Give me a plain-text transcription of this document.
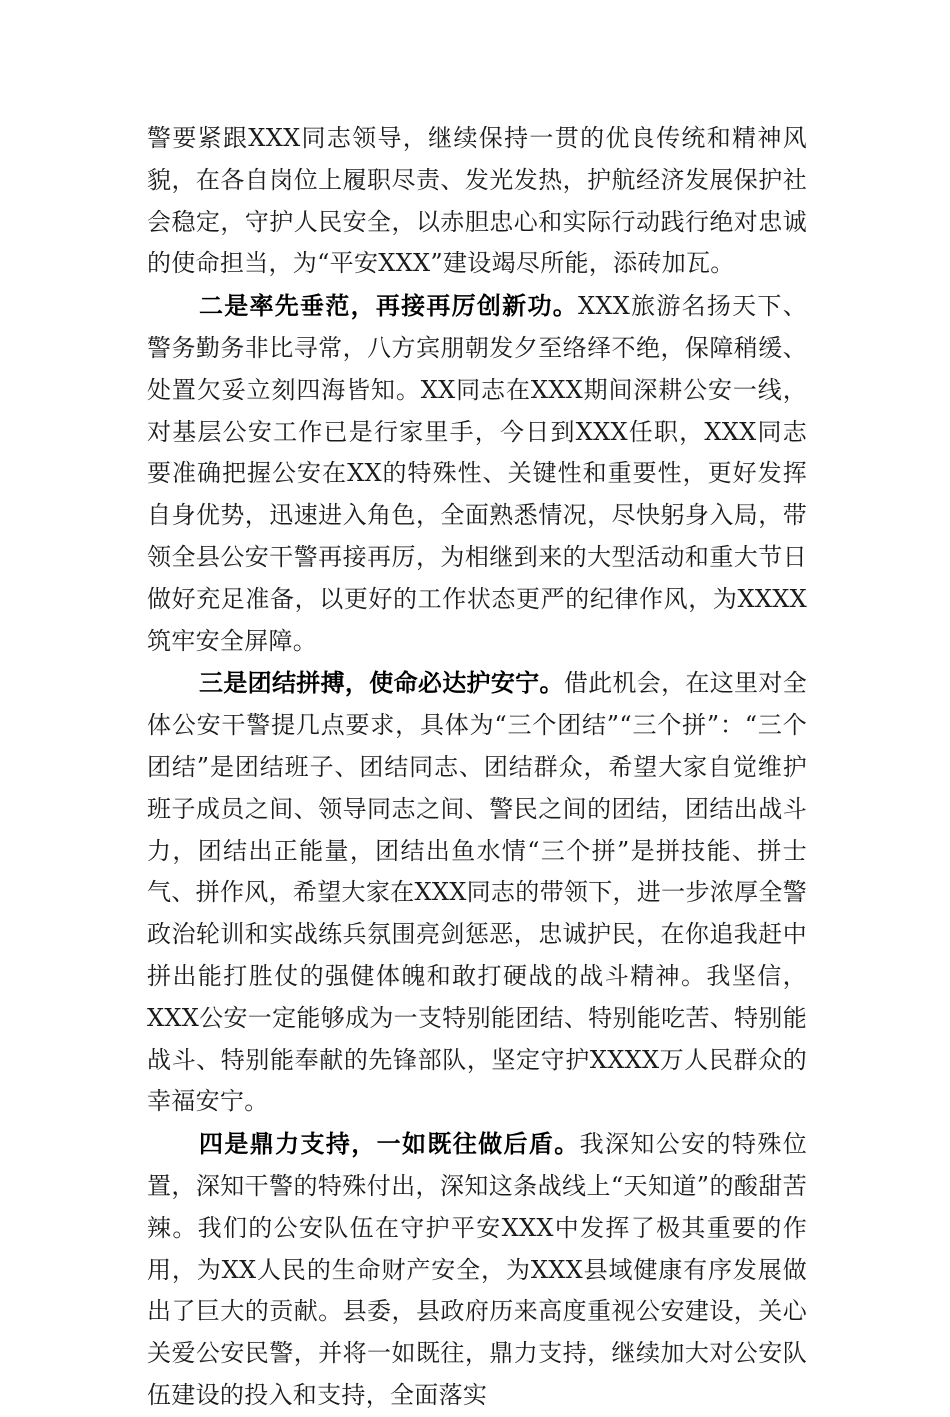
警要紧跟XXX同志领导，继续保持一贯的优良传统和精神风貌，在各自岗位上履职尽责、发光发热，护航经济发展保护社会稳定，守护人民安全，以赤胆忠心和实际行动践行绝对忠诚的使命担当，为“平安XXX”建设竭尽所能，添砖加瓦。

二是率先垂范，再接再厉创新功。XXX旅游名扬天下、警务勤务非比寻常，八方宾朋朝发夕至络绎不绝，保障稍缓、处置欠妥立刻四海皆知。XX同志在XXX期间深耕公安一线，对基层公安工作已是行家里手，今日到XXX任职，XXX同志要准确把握公安在XX的特殊性、关键性和重要性，更好发挥自身优势，迅速进入角色，全面熟悉情况，尽快躬身入局，带领全县公安干警再接再厉，为相继到来的大型活动和重大节日做好充足准备，以更好的工作状态更严的纪律作风，为XXXX筑牢安全屏障。

三是团结拼搏，使命必达护安宁。借此机会，在这里对全体公安干警提几点要求，具体为“三个团结”“三个拼”：“三个团结”是团结班子、团结同志、团结群众，希望大家自觉维护班子成员之间、领导同志之间、警民之间的团结，团结出战斗力，团结出正能量，团结出鱼水情“三个拼”是拼技能、拼士气、拼作风，希望大家在XXX同志的带领下，进一步浓厚全警政治轮训和实战练兵氛围亮剑惩恶，忠诚护民，在你追我赶中拼出能打胜仗的强健体魄和敢打硬战的战斗精神。我坚信，XXX公安一定能够成为一支特别能团结、特别能吃苦、特别能战斗、特别能奉献的先锋部队，坚定守护XXXX万人民群众的幸福安宁。

四是鼎力支持，一如既往做后盾。我深知公安的特殊位置，深知干警的特殊付出，深知这条战线上“天知道”的酸甜苦辣。我们的公安队伍在守护平安XXX中发挥了极其重要的作用，为XX人民的生命财产安全，为XXX县域健康有序发展做出了巨大的贡献。县委，县政府历来高度重视公安建设，关心关爱公安民警，并将一如既往，鼎力支持，继续加大对公安队伍建设的投入和支持，全面落实
